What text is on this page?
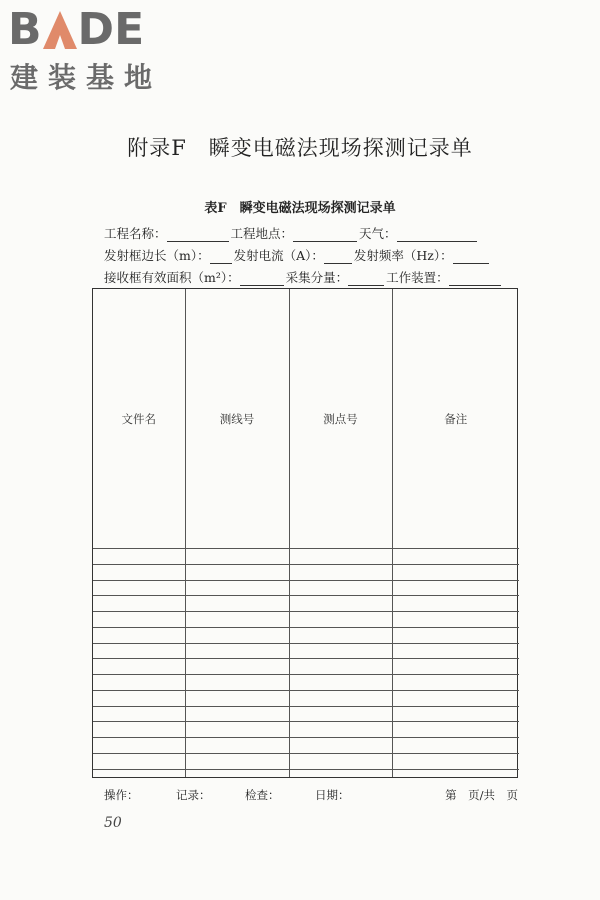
B DE
建装基地
附录F　瞬变电磁法现场探测记录单
表F　瞬变电磁法现场探测记录单
工程名称：	工程地点：	天气：
发射框边长（m）： 发射电流（A）： 发射频率（Hz）：
接收框有效面积（m²）：	采集分量：	工作装置：
文件名	测线号	测点号	备注

操作：	记录：	检查：	日期：	第　页/共　页
50
